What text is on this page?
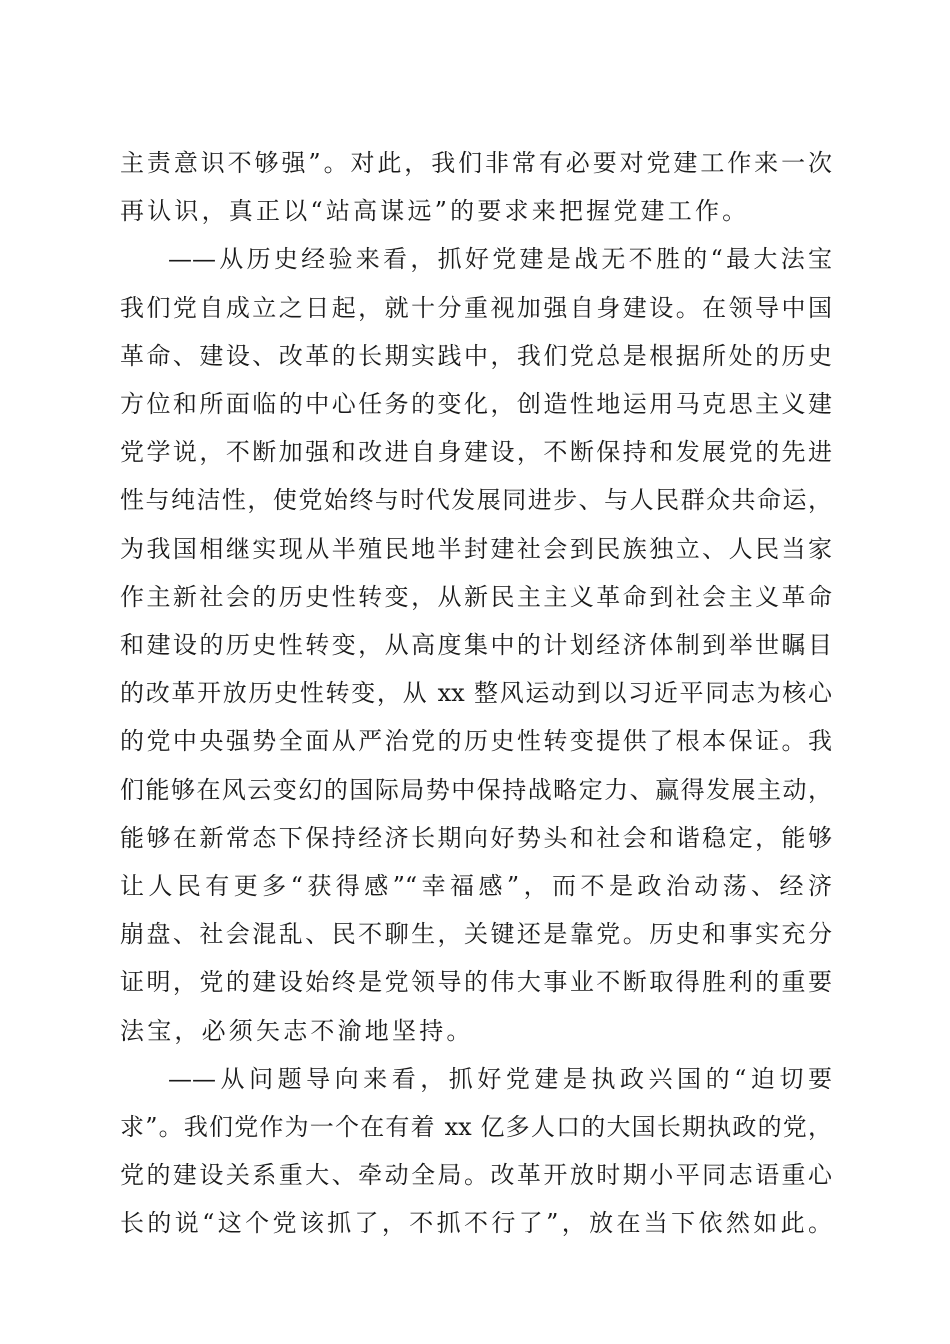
主责意识不够强”。对此，我们非常有必要对党建工作来一次
再认识，真正以“站高谋远”的要求来把握党建工作。
——从历史经验来看，抓好党建是战无不胜的“最大法宝
我们党自成立之日起，就十分重视加强自身建设。在领导中国
革命、建设、改革的长期实践中，我们党总是根据所处的历史
方位和所面临的中心任务的变化，创造性地运用马克思主义建
党学说，不断加强和改进自身建设，不断保持和发展党的先进
性与纯洁性，使党始终与时代发展同进步、与人民群众共命运，
为我国相继实现从半殖民地半封建社会到民族独立、人民当家
作主新社会的历史性转变，从新民主主义革命到社会主义革命
和建设的历史性转变，从高度集中的计划经济体制到举世瞩目
的改革开放历史性转变，从 xx 整风运动到以习近平同志为核心
的党中央强势全面从严治党的历史性转变提供了根本保证。我
们能够在风云变幻的国际局势中保持战略定力、赢得发展主动，
能够在新常态下保持经济长期向好势头和社会和谐稳定，能够
让人民有更多“获得感”“幸福感”，而不是政治动荡、经济
崩盘、社会混乱、民不聊生，关键还是靠党。历史和事实充分
证明，党的建设始终是党领导的伟大事业不断取得胜利的重要
法宝，必须矢志不渝地坚持。
——从问题导向来看，抓好党建是执政兴国的“迫切要
求”。我们党作为一个在有着 xx 亿多人口的大国长期执政的党，
党的建设关系重大、牵动全局。改革开放时期小平同志语重心
长的说“这个党该抓了，不抓不行了”，放在当下依然如此。
